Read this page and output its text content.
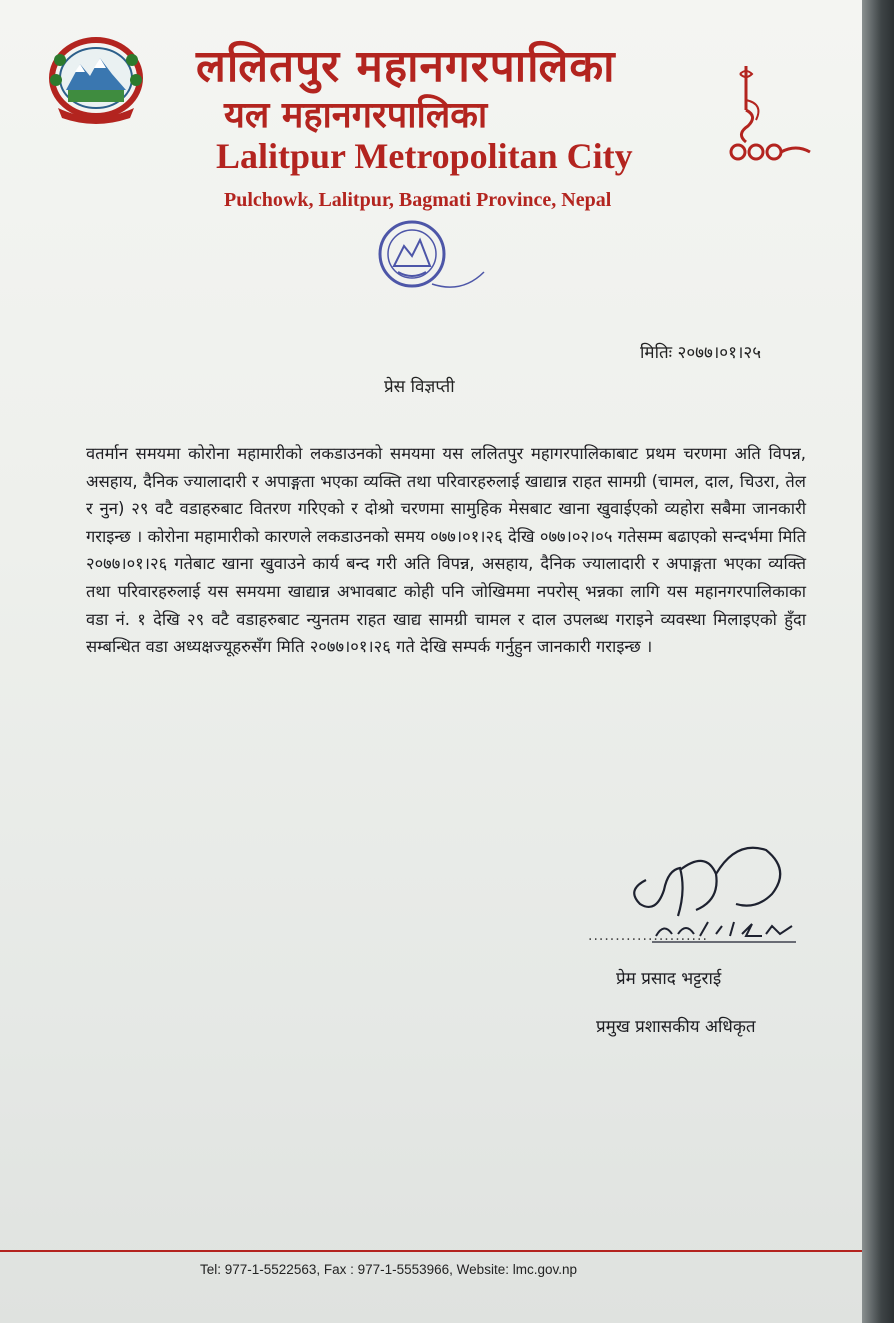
ललितपुर महानगरपालिका
यल महानगरपालिका
Lalitpur Metropolitan City
Pulchowk, Lalitpur, Bagmati Province, Nepal
मितिः २०७७।०१।२५
प्रेस विज्ञप्ती
वतर्मान समयमा कोरोना महामारीको लकडाउनको समयमा यस ललितपुर महागरपालिकाबाट प्रथम चरणमा अति विपन्न, असहाय, दैनिक ज्यालादारी र अपाङ्गता भएका व्यक्ति तथा परिवारहरुलाई खाद्यान्न राहत सामग्री (चामल, दाल, चिउरा, तेल र नुन) २९ वटै वडाहरुबाट वितरण गरिएको र दोश्रो चरणमा सामुहिक मेसबाट खाना खुवाईएको व्यहोरा सबैमा जानकारी गराइन्छ । कोरोना महामारीको कारणले लकडाउनको समय ०७७।०१।२६ देखि ०७७।०२।०५ गतेसम्म बढाएको सन्दर्भमा मिति २०७७।०१।२६ गतेबाट खाना खुवाउने कार्य बन्द गरी अति विपन्न, असहाय, दैनिक ज्यालादारी र अपाङ्गता भएका व्यक्ति तथा परिवारहरुलाई यस समयमा खाद्यान्न अभावबाट कोही पनि जोखिममा नपरोस् भन्नका लागि यस महानगरपालिकाका वडा नं. १ देखि २९ वटै वडाहरुबाट न्युनतम राहत खाद्य सामग्री चामल र दाल उपलब्ध गराइने व्यवस्था मिलाइएको हुँदा सम्बन्धित वडा अध्यक्षज्यूहरुसँग मिति २०७७।०१।२६ गते देखि सम्पर्क गर्नुहुन जानकारी गराइन्छ ।
......................
प्रेम प्रसाद भट्टराई
प्रमुख प्रशासकीय अधिकृत
Tel: 977-1-5522563, Fax : 977-1-5553966, Website: lmc.gov.np
